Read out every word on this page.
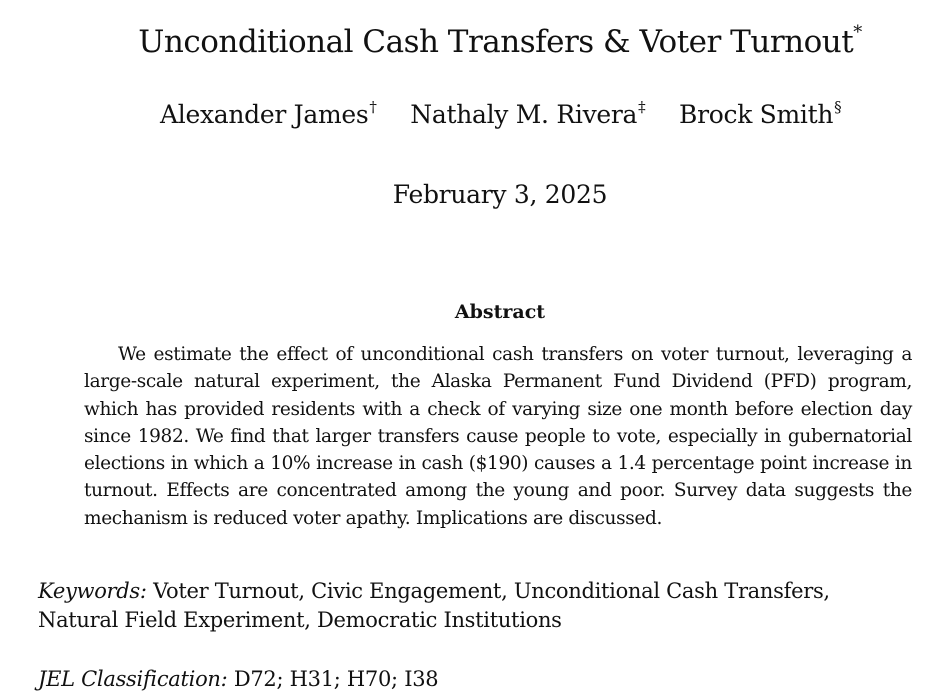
Unconditional Cash Transfers & Voter Turnout*
Alexander James† Nathaly M. Rivera‡ Brock Smith§
February 3, 2025
Abstract
We estimate the effect of unconditional cash transfers on voter turnout, leveraging a large-scale natural experiment, the Alaska Permanent Fund Dividend (PFD) program, which has provided residents with a check of varying size one month before election day since 1982. We find that larger transfers cause people to vote, especially in gubernatorial elections in which a 10% increase in cash ($190) causes a 1.4 percentage point increase in turnout. Effects are concentrated among the young and poor. Survey data suggests the mechanism is reduced voter apathy. Implications are discussed.
Keywords: Voter Turnout, Civic Engagement, Unconditional Cash Transfers, Natural Field Experiment, Democratic Institutions
JEL Classification: D72; H31; H70; I38
